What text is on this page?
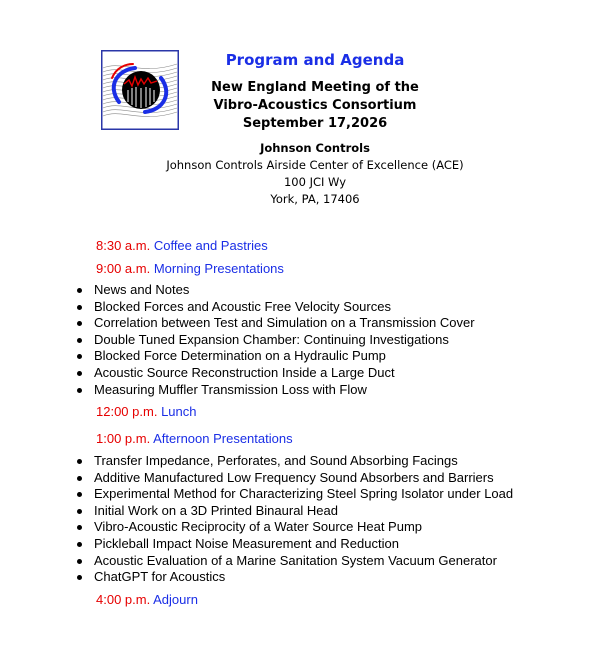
Program and Agenda
New England Meeting of the
Vibro-Acoustics Consortium
September 17,2026
Johnson Controls
Johnson Controls Airside Center of Excellence (ACE)
100 JCI Wy
York, PA, 17406
8:30 a.m. Coffee and Pastries
9:00 a.m. Morning Presentations
News and Notes
Blocked Forces and Acoustic Free Velocity Sources
Correlation between Test and Simulation on a Transmission Cover
Double Tuned Expansion Chamber: Continuing Investigations
Blocked Force Determination on a Hydraulic Pump
Acoustic Source Reconstruction Inside a Large Duct
Measuring Muffler Transmission Loss with Flow
12:00 p.m. Lunch
1:00 p.m. Afternoon Presentations
Transfer Impedance, Perforates, and Sound Absorbing Facings
Additive Manufactured Low Frequency Sound Absorbers and Barriers
Experimental Method for Characterizing Steel Spring Isolator under Load
Initial Work on a 3D Printed Binaural Head
Vibro-Acoustic Reciprocity of a Water Source Heat Pump
Pickleball Impact Noise Measurement and Reduction
Acoustic Evaluation of a Marine Sanitation System Vacuum Generator
ChatGPT for Acoustics
4:00 p.m. Adjourn
